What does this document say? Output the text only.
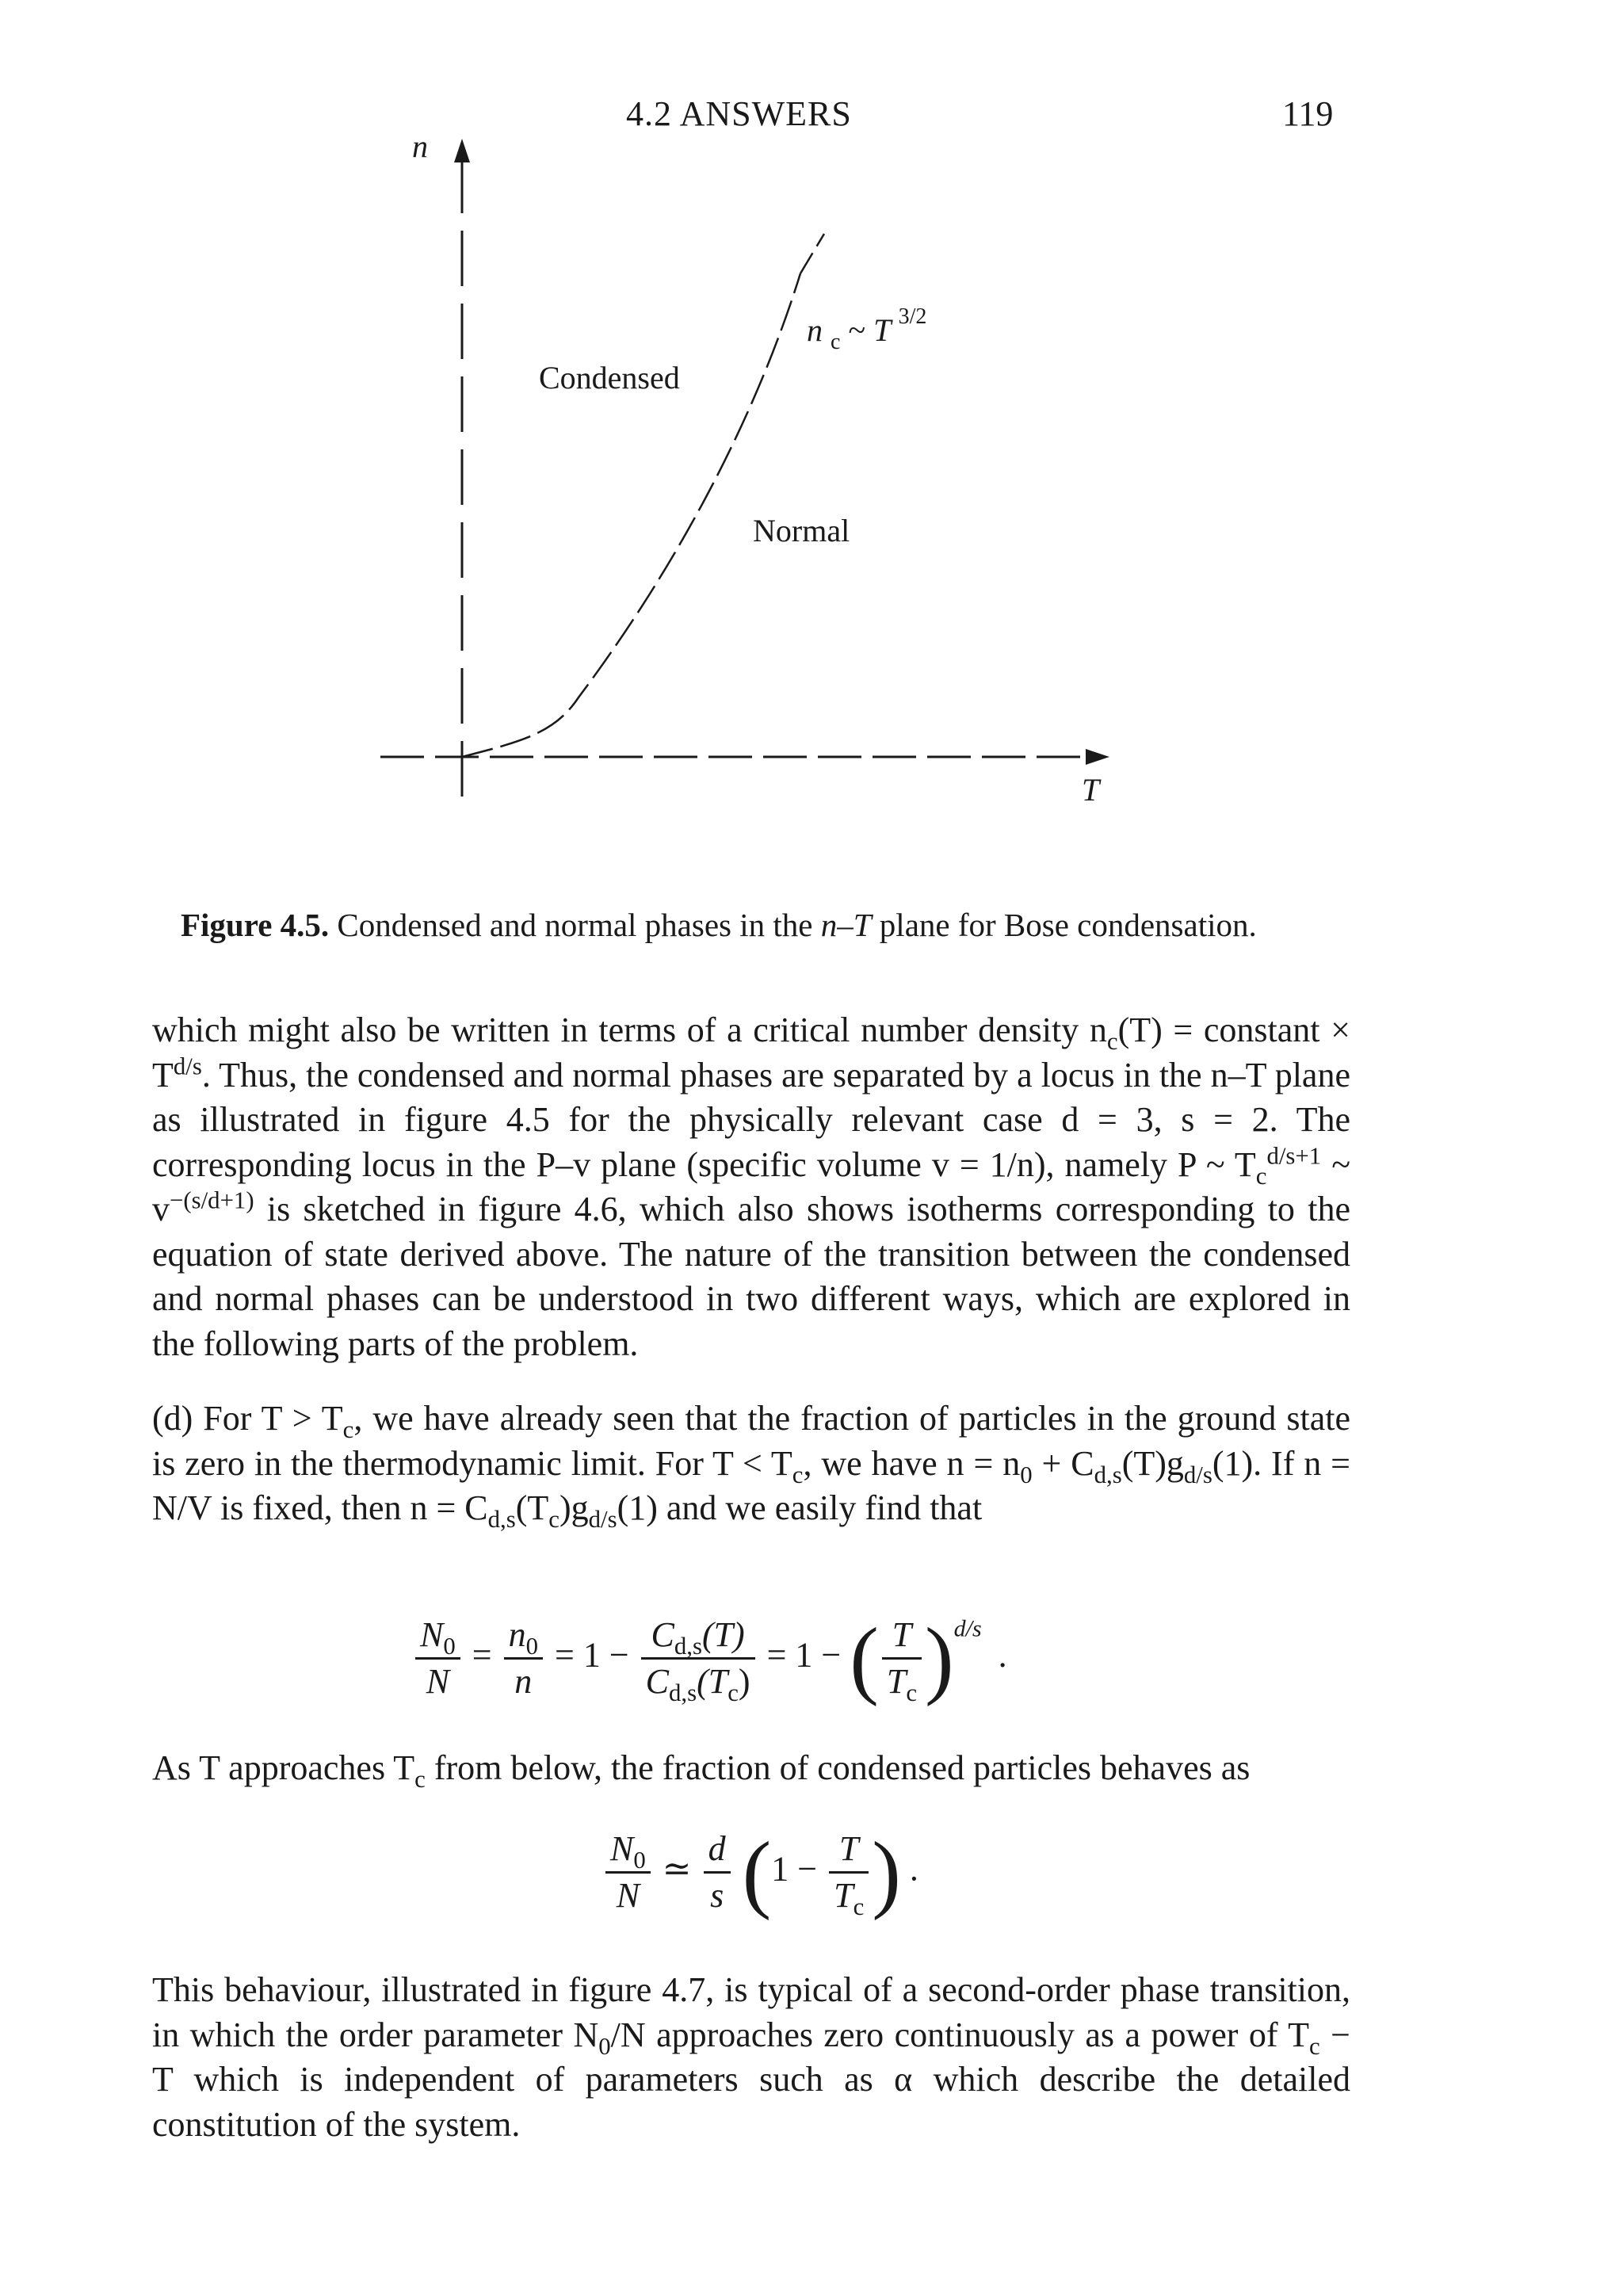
4.2 ANSWERS	119
n
T
Condensed
Normal
n $_c$ ~ T $^{3/2}$
Figure 4.5. Condensed and normal phases in the n–T plane for Bose condensation.

which might also be written in terms of a critical number density $n_c(T)$ = constant × $T^{d/s}$. Thus, the condensed and normal phases are separated by a locus in the n–T plane as illustrated in figure 4.5 for the physically relevant case d = 3, s = 2. The corresponding locus in the P–v plane (specific volume v = 1/n), namely P ~ $T_c^{d/s+1}$ ~ $v^{-(s/d+1)}$ is sketched in figure 4.6, which also shows isotherms corresponding to the equation of state derived above. The nature of the transition between the condensed and normal phases can be understood in two different ways, which are explored in the following parts of the problem.

(d) For $T > T_c$, we have already seen that the fraction of particles in the ground state is zero in the thermodynamic limit. For $T < T_c$, we have $n = n_0 + C_{d,s}(T)g_{d/s}(1)$. If n = N/V is fixed, then $n = C_{d,s}(T_c)g_{d/s}(1)$ and we easily find that

$\frac{N_0}{N} = \frac{n_0}{n} = 1 - \frac{C_{d,s}(T)}{C_{d,s}(T_c)} = 1$ − ( $\frac{T}{T_c} )^{d/s}$ .

As T approaches $T_c$ from below, the fraction of condensed particles behaves as

$\frac{N_0}{N}$ ≃ $\frac{d}{s} (1 - \frac{T}{T_c}$ ) .

This behaviour, illustrated in figure 4.7, is typical of a second-order phase transition, in which the order parameter $N_0/N$ approaches zero continuously as a power of $T_c - T$ which is independent of parameters such as α which describe the detailed constitution of the system.
